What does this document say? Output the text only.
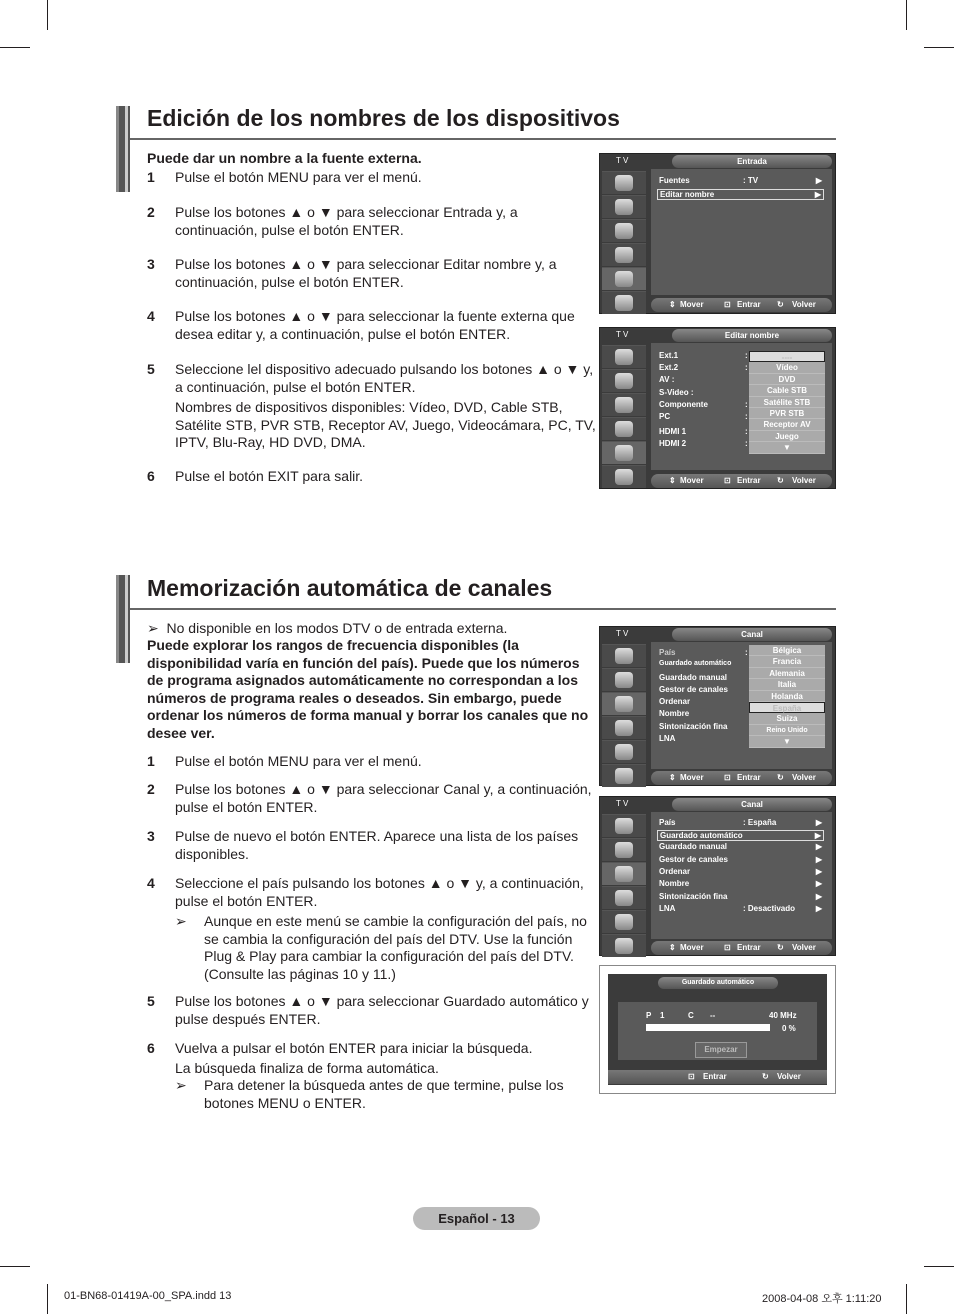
Edición de los nombres de los dispositivos
Puede dar un nombre a la fuente externa.
1 Pulse el botón MENU para ver el menú.
2 Pulse los botones ▲ o ▼ para seleccionar Entrada y, a continuación, pulse el botón ENTER.
3 Pulse los botones ▲ o ▼ para seleccionar Editar nombre y, a continuación, pulse el botón ENTER.
4 Pulse los botones ▲ o ▼ para seleccionar la fuente externa que desea editar y, a continuación, pulse el botón ENTER.
5 Seleccione lel dispositivo adecuado pulsando los botones ▲ o ▼ y, a continuación, pulse el botón ENTER.
Nombres de dispositivos disponibles: Vídeo, DVD, Cable STB, Satélite STB, PVR STB, Receptor AV, Juego, Videocámara, PC, TV, IPTV, Blu-Ray, HD DVD, DMA.
6 Pulse el botón EXIT para salir.
T V	Entrada
Fuentes	: TV	▶
Editar nombre	▶
⇕ Mover	⊡ Entrar ↻ Volver
T V	Editar nombre
Ext.1	:
Ext.2	:
AV :
S-Video :
Componente	:
PC	:
HDMI 1	:
HDMI 2	:
----
Vídeo
DVD
Cable STB
Satélite STB
PVR STB
Receptor AV
Juego
▼
⇕ Mover	⊡ Entrar ↻ Volver
Memorización automática de canales
➢  No disponible en los modos DTV o de entrada externa.
Puede explorar los rangos de frecuencia disponibles (la disponibilidad varía en función del país). Puede que los números de programa asignados automáticamente no correspondan a los números de programa reales o deseados. Sin embargo, puede ordenar los números de forma manual y borrar los canales que no desee ver.
1 Pulse el botón MENU para ver el menú.
2 Pulse los botones ▲ o ▼ para seleccionar Canal y, a continuación, pulse el botón ENTER.
3 Pulse de nuevo el botón ENTER. Aparece una lista de los países disponibles.
4 Seleccione el país pulsando los botones ▲ o ▼ y, a continuación, pulse el botón ENTER.
➢ Aunque en este menú se cambie la configuración del país, no se cambia la configuración del país del DTV. Use la función Plug & Play para cambiar la configuración del país del DTV. (Consulte las páginas 10 y 11.)
5 Pulse los botones ▲ o ▼ para seleccionar Guardado automático y pulse después ENTER.
6 Vuelva a pulsar el botón ENTER para iniciar la búsqueda.
La búsqueda finaliza de forma automática.
➢ Para detener la búsqueda antes de que termine, pulse los botones MENU o ENTER.
T V	Canal
País	:
Guardado automático
Guardado manual
Gestor de canales
Ordenar
Nombre
Sintonización fina
LNA
Bélgica
Francia
Alemania
Italia
Holanda
España
Suiza
Reino Unido
▼
⇕ Mover	⊡ Entrar ↻ Volver
T V	Canal
País	: España	▶
Guardado automático	▶
Guardado manual	▶
Gestor de canales	▶
Ordenar	▶
Nombre	▶
Sintonización fina	▶
LNA	: Desactivado	▶
⇕ Mover	⊡ Entrar ↻ Volver
Guardado automático
P 1	C --	40 MHz
0 %
Empezar
⊡ Entrar	↻ Volver
Español - 13
01-BN68-01419A-00_SPA.indd 13	2008-04-08 오후 1:11:20
